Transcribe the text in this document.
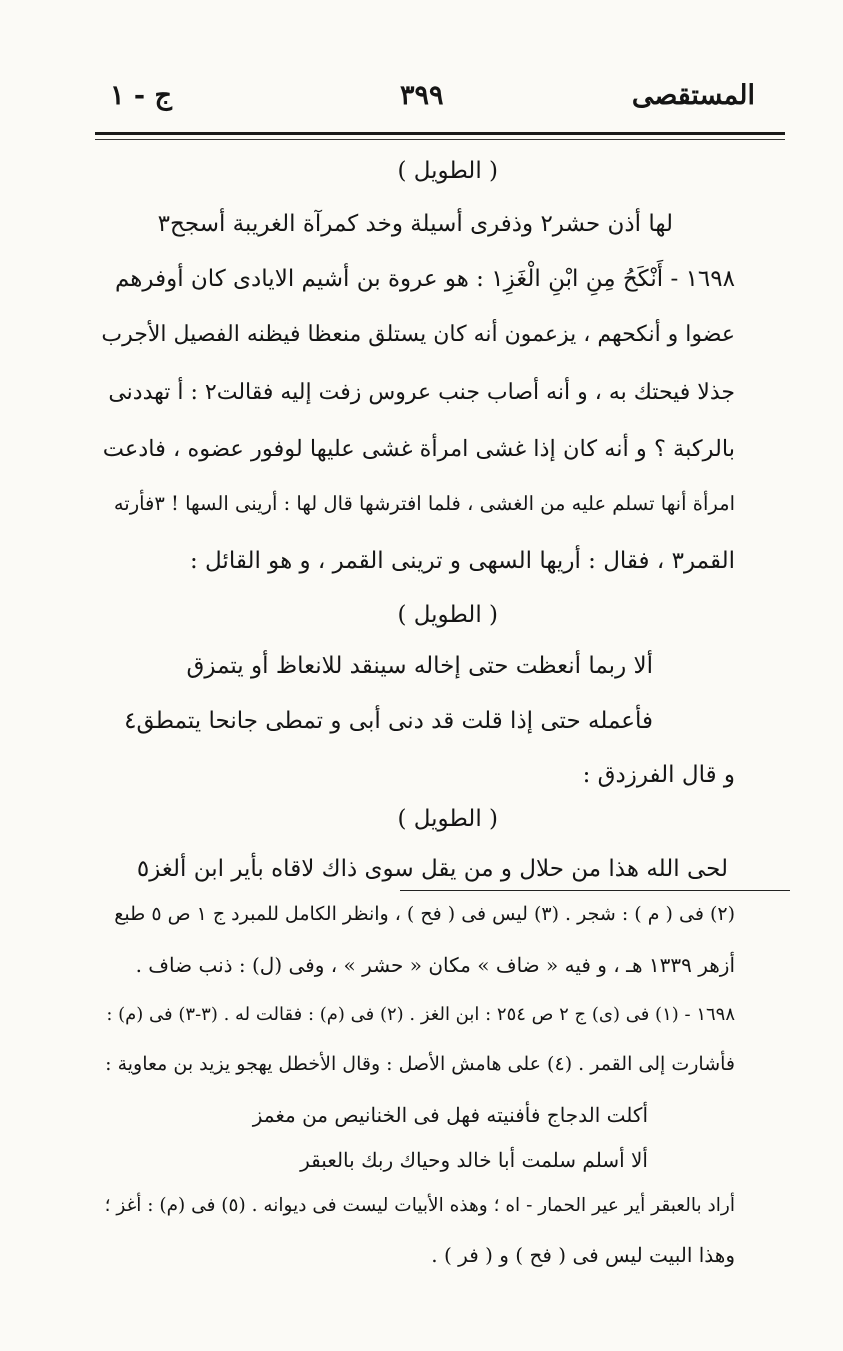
المستقصى
٣٩٩
ج - ١
( الطويل )
لها أذن حشر٢ وذفرى أسيلة وخد كمرآة الغريبة أسجح٣
١٦٩٨ - أَنْكَحُ مِنِ ابْنِ الْغَزِ١ : هو عروة بن أشيم الايادى كان أوفرهم
عضوا و أنكحهم ، يزعمون أنه كان يستلق منعظا فيظنه الفصيل الأجرب
جذلا فيحتك به ، و أنه أصاب جنب عروس زفت إليه فقالت٢ : أ تهددنى
بالركبة ؟ و أنه كان إذا غشى امرأة غشى عليها لوفور عضوه ، فادعت
امرأة أنها تسلم عليه من الغشى ، فلما افترشها قال لها : أرينى السها ! ٣فأرته
القمر٣ ، فقال : أريها السهى و ترينى القمر ، و هو القائل :
( الطويل )
ألا ربما أنعظت حتى إخاله سينقد للانعاظ أو يتمزق
فأعمله حتى إذا قلت قد دنى أبى و تمطى جانحا يتمطق٤
و قال الفرزدق :
( الطويل )
لحى الله هذا من حلال و من يقل سوى ذاك لاقاه بأير ابن ألغز٥
(٢) فى ( م ) : شجر . (٣) ليس فى ( فح ) ، وانظر الكامل للمبرد ج ١ ص ٥ طبع
أزهر ١٣٣٩ هـ ، و فيه « ضاف » مكان « حشر » ، وفى (ل) : ذنب ضاف .
١٦٩٨ - (١) فى (ى) ج ٢ ص ٢٥٤ : ابن الغز . (٢) فى (م) : فقالت له . (٣-٣) فى (م) :
فأشارت إلى القمر . (٤) على هامش الأصل : وقال الأخطل يهجو يزيد بن معاوية :
أكلت الدجاج فأفنيته فهل فى الخنانيص من مغمز
ألا أسلم سلمت أبا خالد وحياك ربك بالعبقر
أراد بالعبقر أير عير الحمار - اه ؛ وهذه الأبيات ليست فى ديوانه . (٥) فى (م) : أغز ؛
وهذا البيت ليس فى ( فح ) و ( فر ) .
